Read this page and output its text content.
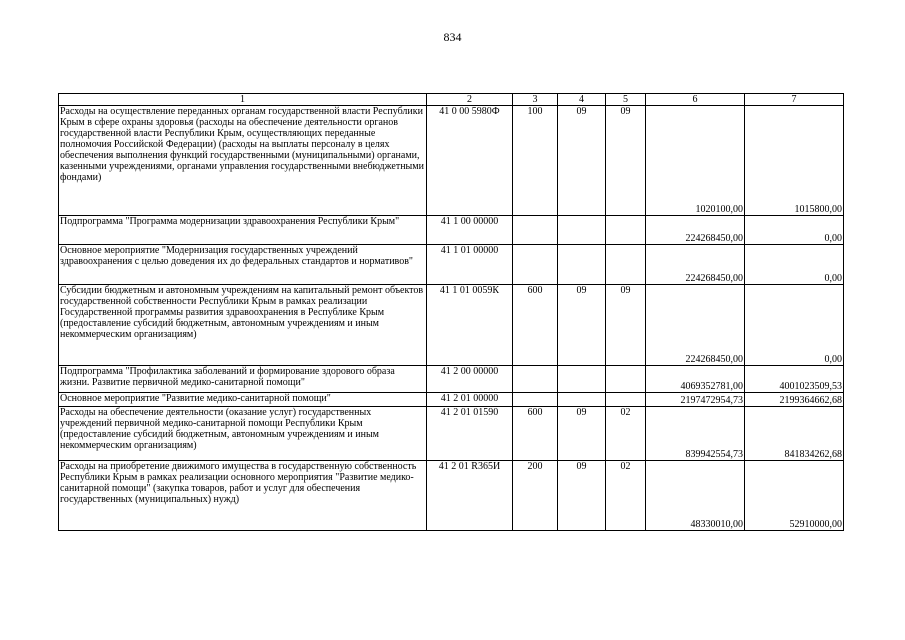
834
1	2	3	4	5	6	7
Расходы на осуществление переданных органам государственной власти Республики Крым в сфере охраны здоровья (расходы на обеспечение деятельности органов государственной власти Республики Крым, осуществляющих переданные полномочия Российской Федерации) (расходы на выплаты персоналу в целях обеспечения выполнения функций государственными (муниципальными) органами, казенными учреждениями, органами управления государственными внебюджетными фондами)	41 0 00 5980Ф	100	09	09	1020100,00	1015800,00
Подпрограмма "Программа модернизации здравоохранения Республики Крым"	41 1 00 00000				224268450,00	0,00
Основное мероприятие "Модернизация государственных учреждений здравоохранения с целью доведения их до федеральных стандартов и нормативов"	41 1 01 00000				224268450,00	0,00
Субсидии бюджетным и автономным учреждениям на капитальный ремонт объектов государственной собственности Республики Крым в рамках реализации Государственной программы развития здравоохранения в Республике Крым (предоставление субсидий бюджетным, автономным учреждениям и иным некоммерческим организациям)	41 1 01 0059К	600	09	09	224268450,00	0,00
Подпрограмма "Профилактика заболеваний и формирование здорового образа жизни. Развитие первичной медико-санитарной помощи"	41 2 00 00000				4069352781,00	4001023509,53
Основное мероприятие "Развитие медико-санитарной помощи"	41 2 01 00000				2197472954,73	2199364662,68
Расходы на обеспечение деятельности (оказание услуг) государственных учреждений первичной медико-санитарной помощи Республики Крым (предоставление субсидий бюджетным, автономным учреждениям и иным некоммерческим организациям)	41 2 01 01590	600	09	02	839942554,73	841834262,68
Расходы на приобретение движимого имущества в государственную собственность Республики Крым в рамках реализации основного мероприятия "Развитие медико-санитарной помощи" (закупка товаров, работ и услуг для обеспечения государственных (муниципальных) нужд)	41 2 01 R365И	200	09	02	48330010,00	52910000,00
